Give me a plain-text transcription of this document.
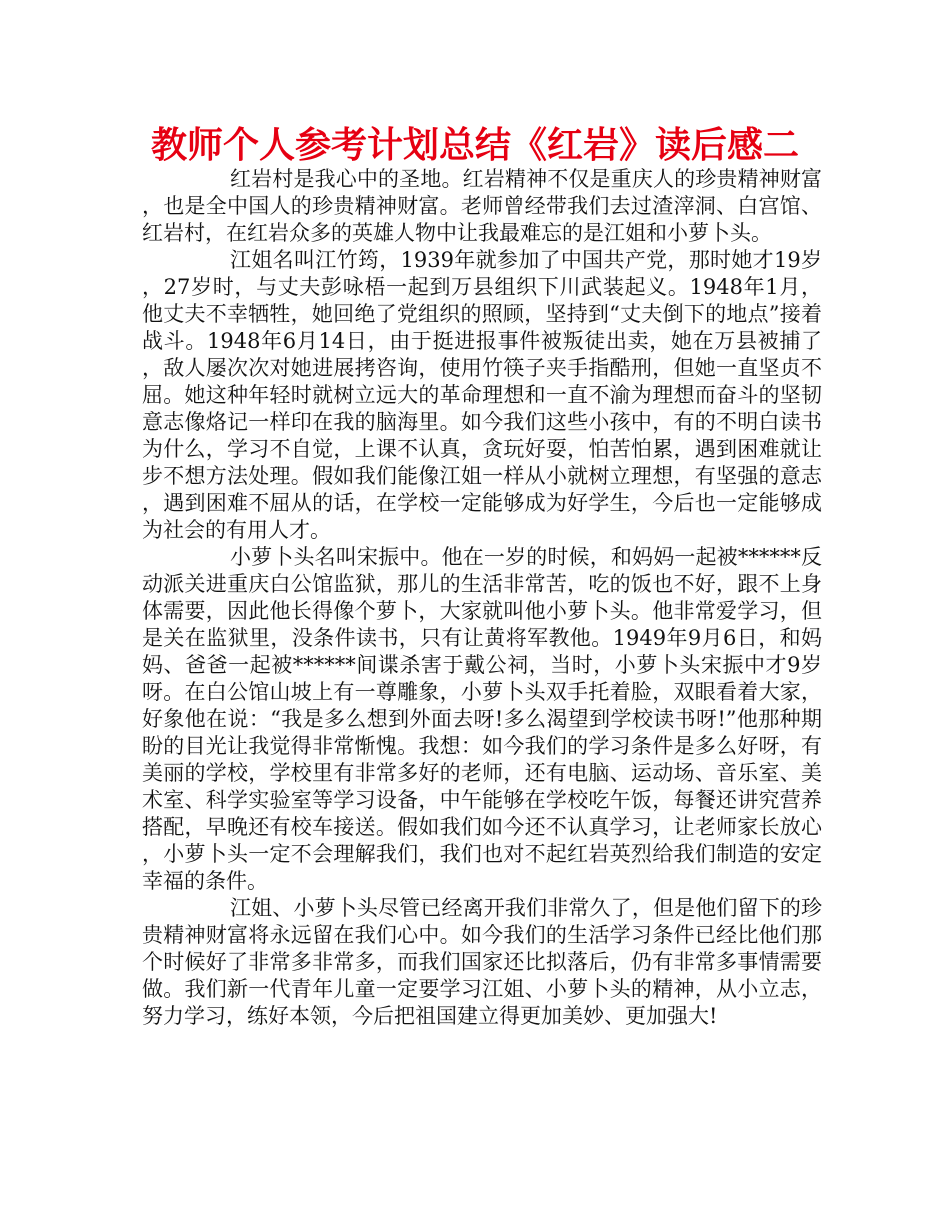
教师个人参考计划总结《红岩》读后感二

红岩村是我心中的圣地。红岩精神不仅是重庆人的珍贵精神财富，也是全中国人的珍贵精神财富。老师曾经带我们去过渣滓洞、白宫馆、红岩村，在红岩众多的英雄人物中让我最难忘的是江姐和小萝卜头。

江姐名叫江竹筠，1939年就参加了中国共产党，那时她才19岁，27岁时，与丈夫彭咏梧一起到万县组织下川武装起义。1948年1月，他丈夫不幸牺牲，她回绝了党组织的照顾，坚持到“丈夫倒下的地点”接着战斗。1948年6月14日，由于挺进报事件被叛徒出卖，她在万县被捕了，敌人屡次次对她进展拷咨询，使用竹筷子夹手指酷刑，但她一直坚贞不屈。她这种年轻时就树立远大的革命理想和一直不渝为理想而奋斗的坚韧意志像烙记一样印在我的脑海里。如今我们这些小孩中，有的不明白读书为什么，学习不自觉，上课不认真，贪玩好耍，怕苦怕累，遇到困难就让步不想方法处理。假如我们能像江姐一样从小就树立理想，有坚强的意志，遇到困难不屈从的话，在学校一定能够成为好学生，今后也一定能够成为社会的有用人才。

小萝卜头名叫宋振中。他在一岁的时候，和妈妈一起被******反动派关进重庆白公馆监狱，那儿的生活非常苦，吃的饭也不好，跟不上身体需要，因此他长得像个萝卜，大家就叫他小萝卜头。他非常爱学习，但是关在监狱里，没条件读书，只有让黄将军教他。1949年9月6日，和妈妈、爸爸一起被******间谍杀害于戴公祠，当时，小萝卜头宋振中才9岁呀。在白公馆山坡上有一尊雕象，小萝卜头双手托着脸，双眼看着大家，好象他在说：“我是多么想到外面去呀!多么渴望到学校读书呀!”他那种期盼的目光让我觉得非常惭愧。我想：如今我们的学习条件是多么好呀，有美丽的学校，学校里有非常多好的老师，还有电脑、运动场、音乐室、美术室、科学实验室等学习设备，中午能够在学校吃午饭，每餐还讲究营养搭配，早晚还有校车接送。假如我们如今还不认真学习，让老师家长放心，小萝卜头一定不会理解我们，我们也对不起红岩英烈给我们制造的安定幸福的条件。

江姐、小萝卜头尽管已经离开我们非常久了，但是他们留下的珍贵精神财富将永远留在我们心中。如今我们的生活学习条件已经比他们那个时候好了非常多非常多，而我们国家还比拟落后，仍有非常多事情需要做。我们新一代青年儿童一定要学习江姐、小萝卜头的精神，从小立志，努力学习，练好本领，今后把祖国建立得更加美妙、更加强大!
